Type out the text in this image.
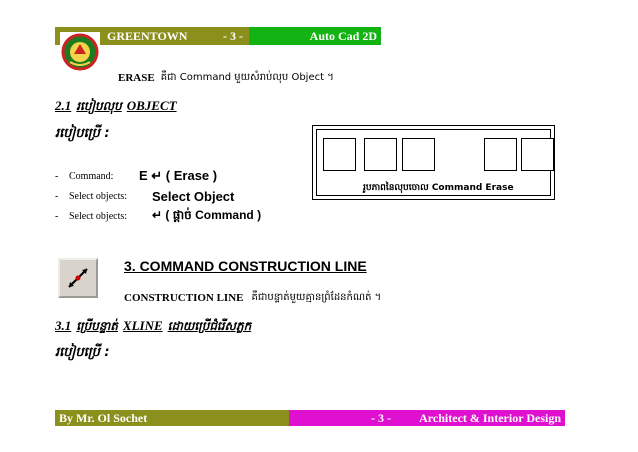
GREENTOWN	- 3 -	Auto Cad 2D
ERASE គឺជា Command មួយសំរាប់លុប Object ។
2.1 របៀបលុប OBJECT
របៀបប្រើ :
-	Command:	E ↵ ( Erase )
-	Select objects:	Select Object
-	Select objects:	↵ ( ផ្តាច់ Command )
រូបភាពនៃលុបចោល Command Erase
3. COMMAND CONSTRUCTION LINE
CONSTRUCTION LINE គឺជាបន្ទាត់មួយគ្មានព្រំដែនកំណត់ ។
3.1 ប្រើបន្ទាត់ XLINE ដោយប្រើជំរើសភ្លក
របៀបប្រើ :
By Mr. Ol Sochet	- 3 - Architect & Interior Design
